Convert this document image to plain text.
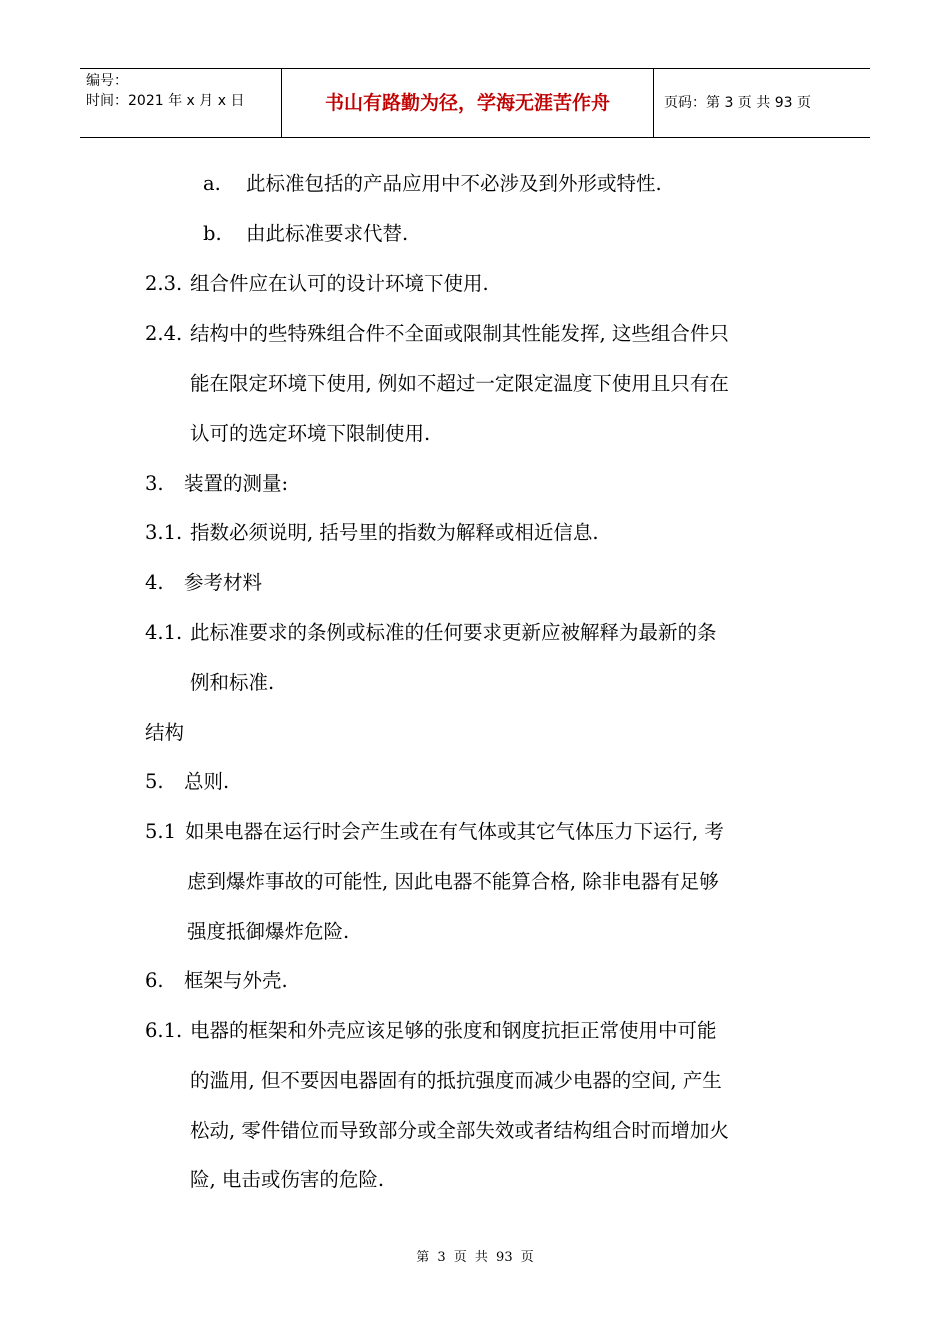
编号：
时间：2021 年 x 月 x 日	书山有路勤为径，学海无涯苦作舟	页码：第 3 页 共 93 页
a. 此标准包括的产品应用中不必涉及到外形或特性.
b. 由此标准要求代替.
2.3. 组合件应在认可的设计环境下使用.
2.4. 结构中的些特殊组合件不全面或限制其性能发挥, 这些组合件只
能在限定环境下使用, 例如不超过一定限定温度下使用且只有在
认可的选定环境下限制使用.
3. 装置的测量:
3.1. 指数必须说明, 括号里的指数为解释或相近信息.
4. 参考材料
4.1. 此标准要求的条例或标准的任何要求更新应被解释为最新的条
例和标准.
结构
5. 总则.
5.1 如果电器在运行时会产生或在有气体或其它气体压力下运行, 考
虑到爆炸事故的可能性, 因此电器不能算合格, 除非电器有足够
强度抵御爆炸危险.
6. 框架与外壳.
6.1. 电器的框架和外壳应该足够的张度和钢度抗拒正常使用中可能
的滥用, 但不要因电器固有的抵抗强度而减少电器的空间, 产生
松动, 零件错位而导致部分或全部失效或者结构组合时而增加火
险, 电击或伤害的危险.
第 3 页 共 93 页
